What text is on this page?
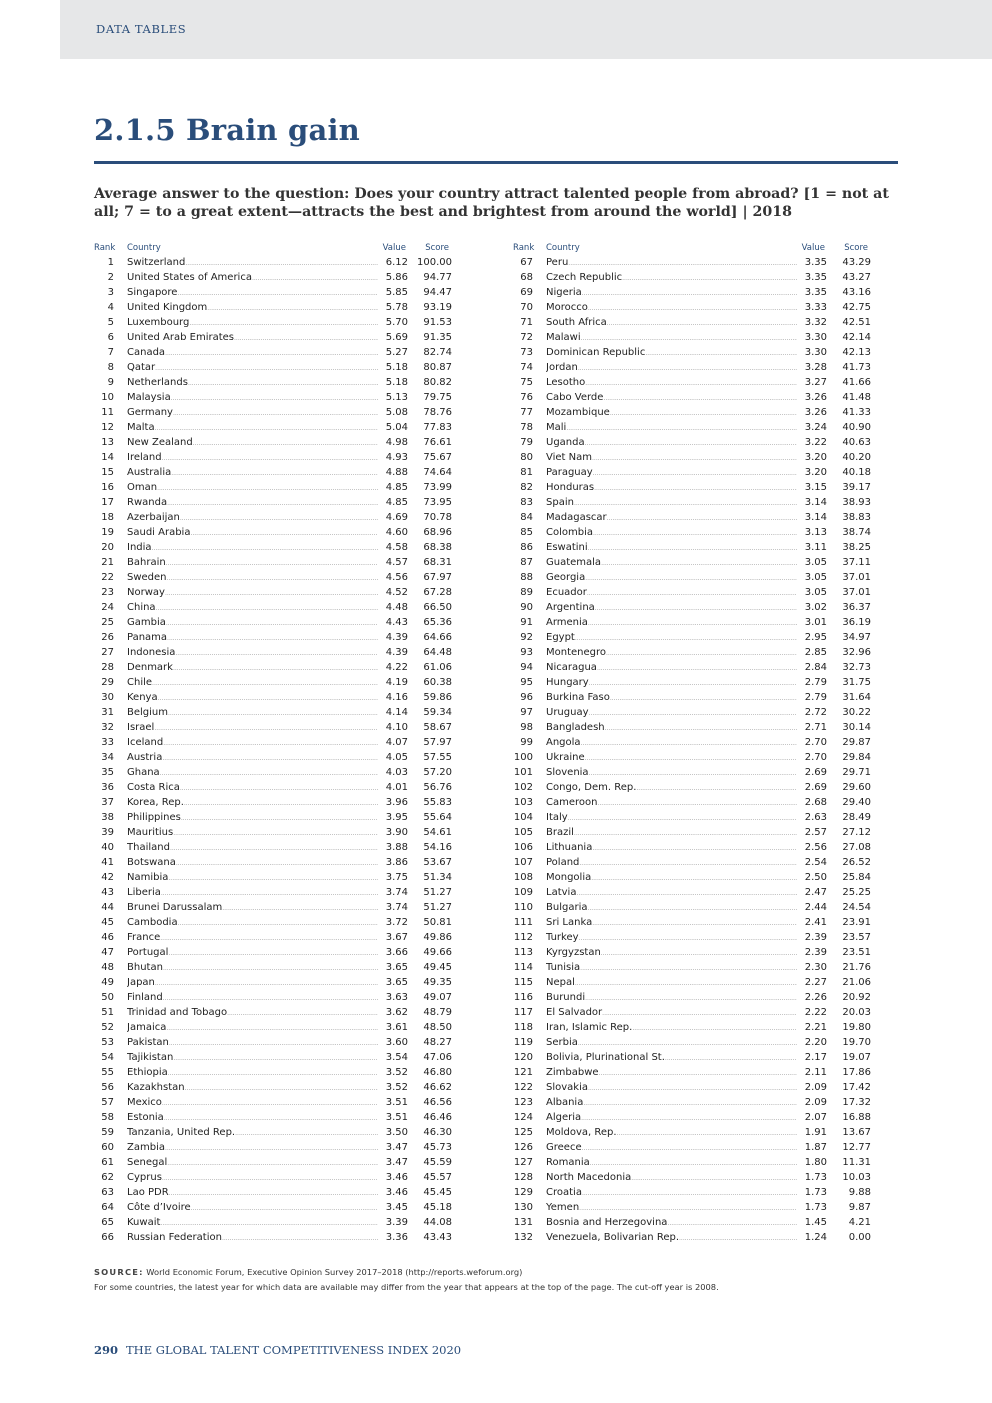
DATA TABLES
2.1.5 Brain gain
Average answer to the question: Does your country attract talented people from abroad? [1 = not at all; 7 = to a great extent—attracts the best and brightest from around the world] | 2018
Rank Country	Value Score
1 Switzerland .....	6.12 100.00
2 United States of America .....	5.86	94.77
3 Singapore .....	5.85	94.47
4 United Kingdom .....	5.78	93.19
5 Luxembourg .....	5.70	91.53
6 United Arab Emirates .....	5.69	91.35
7 Canada .....	5.27	82.74
8 Qatar .....	5.18	80.87
9 Netherlands .....	5.18	80.82
10 Malaysia .....	5.13	79.75
11 Germany .....	5.08	78.76
12 Malta .....	5.04	77.83
13 New Zealand .....	4.98	76.61
14 Ireland .....	4.93	75.67
15 Australia .....	4.88	74.64
16 Oman .....	4.85	73.99
17 Rwanda .....	4.85	73.95
18 Azerbaijan .....	4.69	70.78
19 Saudi Arabia .....	4.60	68.96
20 India .....	4.58	68.38
21 Bahrain .....	4.57	68.31
22 Sweden .....	4.56	67.97
23 Norway .....	4.52	67.28
24 China .....	4.48	66.50
25 Gambia .....	4.43	65.36
26 Panama .....	4.39	64.66
27 Indonesia .....	4.39	64.48
28 Denmark .....	4.22	61.06
29 Chile .....	4.19	60.38
30 Kenya .....	4.16	59.86
31 Belgium .....	4.14	59.34
32 Israel .....	4.10	58.67
33 Iceland .....	4.07	57.97
34 Austria .....	4.05	57.55
35 Ghana .....	4.03	57.20
36 Costa Rica .....	4.01	56.76
37 Korea, Rep. .....	3.96	55.83
38 Philippines .....	3.95	55.64
39 Mauritius .....	3.90	54.61
40 Thailand .....	3.88	54.16
41 Botswana .....	3.86	53.67
42 Namibia .....	3.75	51.34
43 Liberia .....	3.74	51.27
44 Brunei Darussalam .....	3.74	51.27
45 Cambodia .....	3.72	50.81
46 France .....	3.67	49.86
47 Portugal .....	3.66	49.66
48 Bhutan .....	3.65	49.45
49 Japan .....	3.65	49.35
50 Finland .....	3.63	49.07
51 Trinidad and Tobago .....	3.62	48.79
52 Jamaica .....	3.61	48.50
53 Pakistan .....	3.60	48.27
54 Tajikistan .....	3.54	47.06
55 Ethiopia .....	3.52	46.80
56 Kazakhstan .....	3.52	46.62
57 Mexico .....	3.51	46.56
58 Estonia .....	3.51	46.46
59 Tanzania, United Rep. .....	3.50	46.30
60 Zambia .....	3.47	45.73
61 Senegal .....	3.47	45.59
62 Cyprus .....	3.46	45.57
63 Lao PDR .....	3.46	45.45
64 Côte d’Ivoire .....	3.45	45.18
65 Kuwait .....	3.39	44.08
66 Russian Federation .....	3.36	43.43
Rank Country	Value Score
67 Peru .....	3.35	43.29
68 Czech Republic .....	3.35	43.27
69 Nigeria .....	3.35	43.16
70 Morocco .....	3.33	42.75
71 South Africa .....	3.32	42.51
72 Malawi .....	3.30	42.14
73 Dominican Republic .....	3.30	42.13
74 Jordan .....	3.28	41.73
75 Lesotho .....	3.27	41.66
76 Cabo Verde .....	3.26	41.48
77 Mozambique .....	3.26	41.33
78 Mali .....	3.24	40.90
79 Uganda .....	3.22	40.63
80 Viet Nam .....	3.20	40.20
81 Paraguay .....	3.20	40.18
82 Honduras .....	3.15	39.17
83 Spain .....	3.14	38.93
84 Madagascar .....	3.14	38.83
85 Colombia .....	3.13	38.74
86 Eswatini .....	3.11	38.25
87 Guatemala .....	3.05	37.11
88 Georgia .....	3.05	37.01
89 Ecuador .....	3.05	37.01
90 Argentina .....	3.02	36.37
91 Armenia .....	3.01	36.19
92 Egypt .....	2.95	34.97
93 Montenegro .....	2.85	32.96
94 Nicaragua .....	2.84	32.73
95 Hungary .....	2.79	31.75
96 Burkina Faso .....	2.79	31.64
97 Uruguay .....	2.72	30.22
98 Bangladesh .....	2.71	30.14
99 Angola .....	2.70	29.87
100 Ukraine .....	2.70	29.84
101 Slovenia .....	2.69	29.71
102 Congo, Dem. Rep. .....	2.69	29.60
103 Cameroon .....	2.68	29.40
104 Italy .....	2.63	28.49
105 Brazil .....	2.57	27.12
106 Lithuania .....	2.56	27.08
107 Poland .....	2.54	26.52
108 Mongolia .....	2.50	25.84
109 Latvia .....	2.47	25.25
110 Bulgaria .....	2.44	24.54
111 Sri Lanka .....	2.41	23.91
112 Turkey .....	2.39	23.57
113 Kyrgyzstan .....	2.39	23.51
114 Tunisia .....	2.30	21.76
115 Nepal .....	2.27	21.06
116 Burundi .....	2.26	20.92
117 El Salvador .....	2.22	20.03
118 Iran, Islamic Rep. .....	2.21	19.80
119 Serbia .....	2.20	19.70
120 Bolivia, Plurinational St. .....	2.17	19.07
121 Zimbabwe .....	2.11	17.86
122 Slovakia .....	2.09	17.42
123 Albania .....	2.09	17.32
124 Algeria .....	2.07	16.88
125 Moldova, Rep. .....	1.91	13.67
126 Greece .....	1.87	12.77
127 Romania .....	1.80	11.31
128 North Macedonia .....	1.73	10.03
129 Croatia .....	1.73	9.88
130 Yemen .....	1.73	9.87
131 Bosnia and Herzegovina .....	1.45	4.21
132 Venezuela, Bolivarian Rep. .....	1.24	0.00
SOURCE: World Economic Forum, Executive Opinion Survey 2017–2018 (http://reports.weforum.org)
For some countries, the latest year for which data are available may differ from the year that appears at the top of the page. The cut-off year is 2008.
290 THE GLOBAL TALENT COMPETITIVENESS INDEX 2020
